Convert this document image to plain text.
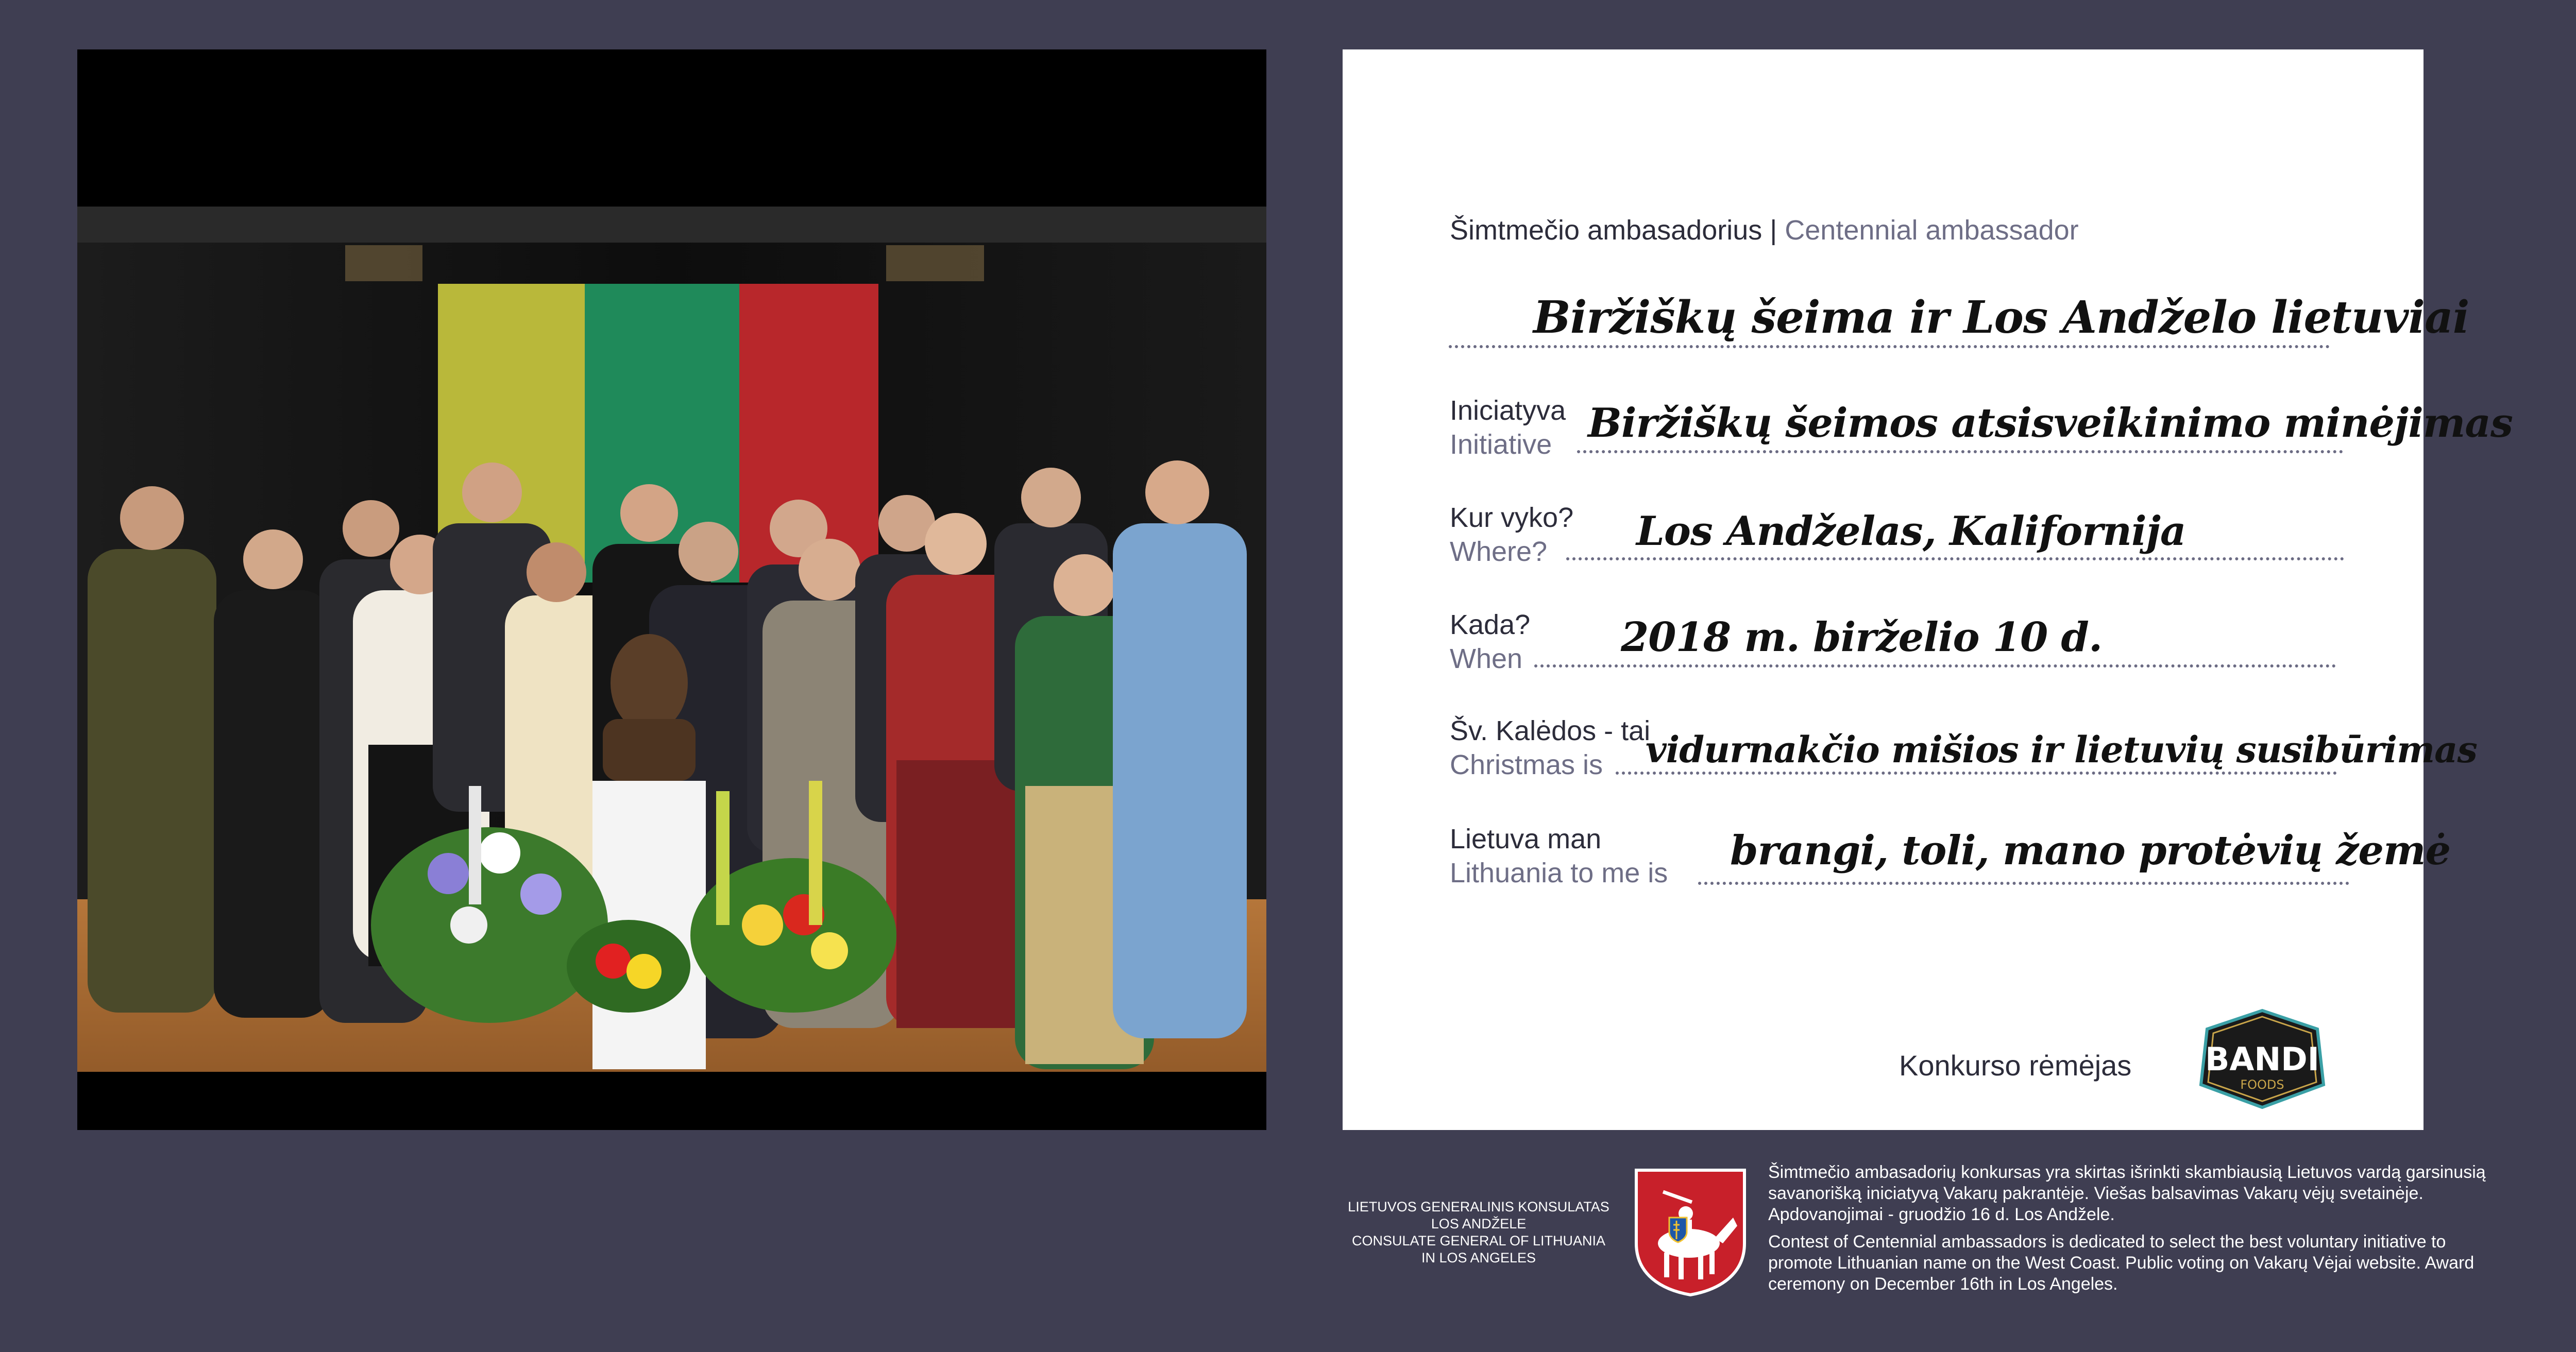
Šimtmečio ambasadorius | Centennial ambassador
Biržiškų šeima ir Los Andželo lietuviai
Iniciatyva
Initiative Biržiškų šeimos atsisveikinimo minėjimas
Kur vyko?
Where?	Los Andželas, Kalifornija
Kada?
When 2018 m. birželio 10 d.
Šv. Kalėdos - tai
Christmas is	vidurnakčio mišios ir lietuvių susibūrimas
Lietuva man
Lithuania to me is brangi, toli, mano protėvių žemė
Konkurso rėmėjas BANDI
FOODS
LIETUVOS GENERALINIS KONSULATAS
LOS ANDŽELE
CONSULATE GENERAL OF LITHUANIA
IN LOS ANGELES

Šimtmečio ambasadorių konkursas yra skirtas išrinkti skambiausią Lietuvos vardą garsinusią savanorišką iniciatyvą Vakarų pakrantėje. Viešas balsavimas Vakarų vėjų svetainėje. Apdovanojimai - gruodžio 16 d. Los Andžele.

Contest of Centennial ambassadors is dedicated to select the best voluntary initiative to promote Lithuanian name on the West Coast. Public voting on Vakarų Vėjai website. Award ceremony on December 16th in Los Angeles.
